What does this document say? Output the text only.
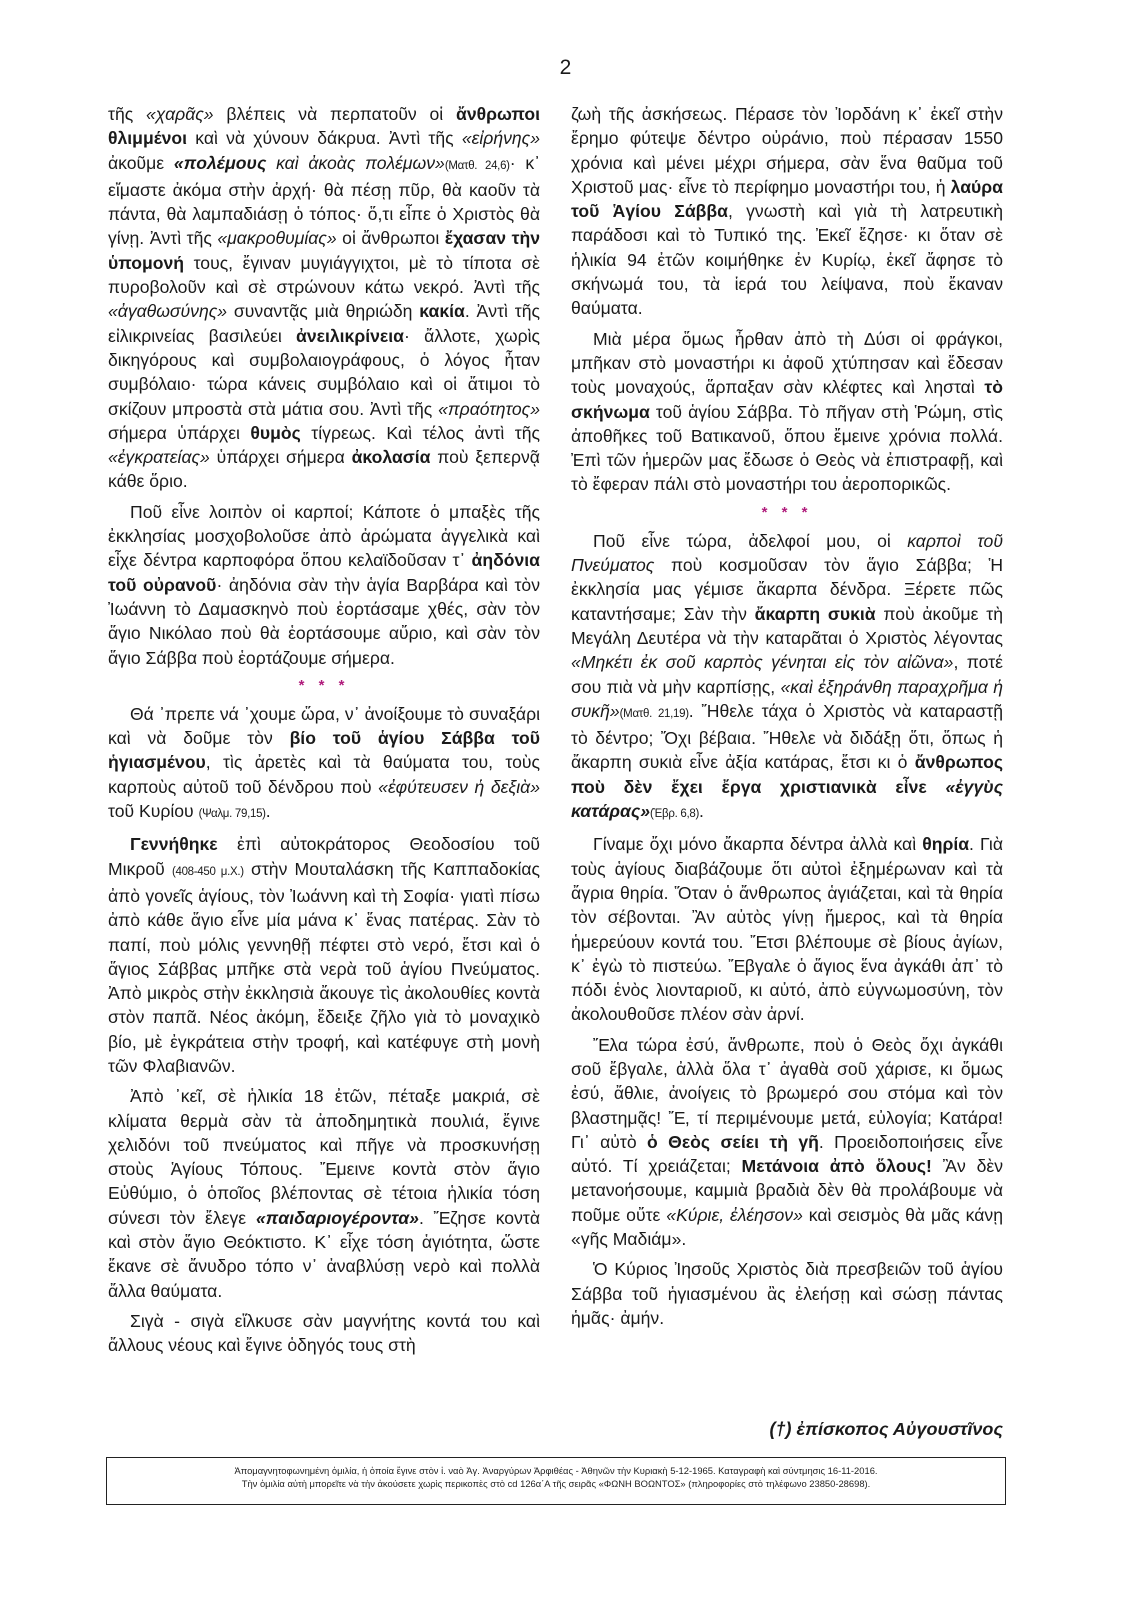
2

τῆς «χαρᾶς» βλέπεις νὰ περπατοῦν οἱ ἄνθρωποι θλιμμένοι καὶ νὰ χύνουν δάκρυα. Ἀντὶ τῆς «εἰρήνης» ἀκοῦμε «πολέμους καὶ ἀκοὰς πολέμων»(Ματθ. 24,6)· κ᾽ εἴμαστε ἀκόμα στὴν ἀρχή· θὰ πέσῃ πῦρ, θὰ καοῦν τὰ πάντα, θὰ λαμπαδιάσῃ ὁ τόπος· ὅ,τι εἶπε ὁ Χριστὸς θὰ γίνῃ. Ἀντὶ τῆς «μακροθυμίας» οἱ ἄνθρωποι ἔχασαν τὴν ὑπομονή τους, ἔγιναν μυγιάγγιχτοι, μὲ τὸ τίποτα σὲ πυροβολοῦν καὶ σὲ στρώνουν κάτω νεκρό. Ἀντὶ τῆς «ἀγαθωσύνης» συναντᾷς μιὰ θηριώδη κακία. Ἀντὶ τῆς εἰλικρινείας βασιλεύει ἀνειλικρίνεια· ἄλλοτε, χωρὶς δικηγόρους καὶ συμβολαιογράφους, ὁ λόγος ἦταν συμβόλαιο· τώρα κάνεις συμβόλαιο καὶ οἱ ἄτιμοι τὸ σκίζουν μπροστὰ στὰ μάτια σου. Ἀντὶ τῆς «πραότητος» σήμερα ὑπάρχει θυμὸς τίγρεως. Καὶ τέλος ἀντὶ τῆς «ἐγκρατείας» ὑπάρχει σήμερα ἀκολασία ποὺ ξεπερνᾷ κάθε ὅριο.

Ποῦ εἶνε λοιπὸν οἱ καρποί; Κάποτε ὁ μπαξὲς τῆς ἐκκλησίας μοσχοβολοῦσε ἀπὸ ἀρώματα ἀγγελικὰ καὶ εἶχε δέντρα καρποφόρα ὅπου κελαϊδοῦσαν τ᾽ ἀηδόνια τοῦ οὐρανοῦ· ἀηδόνια σὰν τὴν ἁγία Βαρβάρα καὶ τὸν Ἰωάννη τὸ Δαμασκηνὸ ποὺ ἑορτάσαμε χθές, σὰν τὸν ἅγιο Νικόλαο ποὺ θὰ ἑορτάσουμε αὔριο, καὶ σὰν τὸν ἅγιο Σάββα ποὺ ἑορτάζουμε σήμερα.

* * *

Θά ᾽πρεπε νά ᾽χουμε ὥρα, ν᾽ ἀνοίξουμε τὸ συναξάρι καὶ νὰ δοῦμε τὸν βίο τοῦ ἁγίου Σάββα τοῦ ἡγιασμένου, τὶς ἀρετὲς καὶ τὰ θαύματα του, τοὺς καρποὺς αὐτοῦ τοῦ δένδρου ποὺ «ἐφύτευσεν ἡ δεξιὰ» τοῦ Κυρίου (Ψαλμ. 79,15).

Γεννήθηκε ἐπὶ αὐτοκράτορος Θεοδοσίου τοῦ Μικροῦ (408-450 μ.Χ.) στὴν Μουταλάσκη τῆς Καππαδοκίας ἀπὸ γονεῖς ἁγίους, τὸν Ἰωάννη καὶ τὴ Σοφία· γιατὶ πίσω ἀπὸ κάθε ἅγιο εἶνε μία μάνα κ᾽ ἕνας πατέρας. Σὰν τὸ παπί, ποὺ μόλις γεννηθῇ πέφτει στὸ νερό, ἔτσι καὶ ὁ ἅγιος Σάββας μπῆκε στὰ νερὰ τοῦ ἁγίου Πνεύματος. Ἀπὸ μικρὸς στὴν ἐκκλησιὰ ἄκουγε τὶς ἀκολουθίες κοντὰ στὸν παπᾶ. Νέος ἀκόμη, ἔδειξε ζῆλο γιὰ τὸ μοναχικὸ βίο, μὲ ἐγκράτεια στὴν τροφή, καὶ κατέφυγε στὴ μονὴ τῶν Φλαβιανῶν.

Ἀπὸ ᾽κεῖ, σὲ ἡλικία 18 ἐτῶν, πέταξε μακριά, σὲ κλίματα θερμὰ σὰν τὰ ἀποδημητικὰ πουλιά, ἔγινε χελιδόνι τοῦ πνεύματος καὶ πῆγε νὰ προσκυνήσῃ στοὺς Ἁγίους Τόπους. Ἔμεινε κοντὰ στὸν ἅγιο Εὐθύμιο, ὁ ὁποῖος βλέποντας σὲ τέτοια ἡλικία τόση σύνεσι τὸν ἔλεγε «παιδαριογέροντα». Ἔζησε κοντὰ καὶ στὸν ἅγιο Θεόκτιστο. Κ᾽ εἶχε τόση ἁγιότητα, ὥστε ἔκανε σὲ ἄνυδρο τόπο ν᾽ ἀναβλύσῃ νερὸ καὶ πολλὰ ἄλλα θαύματα.

Σιγὰ - σιγὰ εἵλκυσε σὰν μαγνήτης κοντά του καὶ ἄλλους νέους καὶ ἔγινε ὁδηγός τους στὴ

ζωὴ τῆς ἀσκήσεως. Πέρασε τὸν Ἰορδάνη κ᾽ ἐκεῖ στὴν ἔρημο φύτεψε δέντρο οὐράνιο, ποὺ πέρασαν 1550 χρόνια καὶ μένει μέχρι σήμερα, σὰν ἕνα θαῦμα τοῦ Χριστοῦ μας· εἶνε τὸ περίφημο μοναστήρι του, ἡ λαύρα τοῦ Ἁγίου Σάββα, γνωστὴ καὶ γιὰ τὴ λατρευτικὴ παράδοσι καὶ τὸ Τυπικό της. Ἐκεῖ ἔζησε· κι ὅταν σὲ ἡλικία 94 ἐτῶν κοιμήθηκε ἐν Κυρίῳ, ἐκεῖ ἄφησε τὸ σκήνωμά του, τὰ ἱερά του λείψανα, ποὺ ἔκαναν θαύματα.

Μιὰ μέρα ὅμως ἦρθαν ἀπὸ τὴ Δύσι οἱ φράγκοι, μπῆκαν στὸ μοναστήρι κι ἀφοῦ χτύπησαν καὶ ἔδεσαν τοὺς μοναχούς, ἅρπαξαν σὰν κλέφτες καὶ λησταὶ τὸ σκήνωμα τοῦ ἁγίου Σάββα. Τὸ πῆγαν στὴ Ῥώμη, στὶς ἀποθῆκες τοῦ Βατικανοῦ, ὅπου ἔμεινε χρόνια πολλά. Ἐπὶ τῶν ἡμερῶν μας ἔδωσε ὁ Θεὸς νὰ ἐπιστραφῇ, καὶ τὸ ἔφεραν πάλι στὸ μοναστήρι του ἀεροπορικῶς.

* * *

Ποῦ εἶνε τώρα, ἀδελφοί μου, οἱ καρποὶ τοῦ Πνεύματος ποὺ κοσμοῦσαν τὸν ἅγιο Σάββα; Ἡ ἐκκλησία μας γέμισε ἄκαρπα δένδρα. Ξέρετε πῶς καταντήσαμε; Σὰν τὴν ἄκαρπη συκιὰ ποὺ ἀκοῦμε τὴ Μεγάλη Δευτέρα νὰ τὴν καταρᾶται ὁ Χριστὸς λέγοντας «Μηκέτι ἐκ σοῦ καρπὸς γένηται εἰς τὸν αἰῶνα», ποτέ σου πιὰ νὰ μὴν καρπίσῃς, «καὶ ἐξηράνθη παραχρῆμα ἡ συκῆ»(Ματθ. 21,19). Ἤθελε τάχα ὁ Χριστὸς νὰ καταραστῇ τὸ δέντρο; Ὄχι βέβαια. Ἤθελε νὰ διδάξῃ ὅτι, ὅπως ἡ ἄκαρπη συκιὰ εἶνε ἀξία κατάρας, ἔτσι κι ὁ ἄνθρωπος ποὺ δὲν ἔχει ἔργα χριστιανικὰ εἶνε «ἐγγὺς κατάρας»(Ἑβρ. 6,8).

Γίναμε ὄχι μόνο ἄκαρπα δέντρα ἀλλὰ καὶ θηρία. Γιὰ τοὺς ἁγίους διαβάζουμε ὅτι αὐτοὶ ἐξημέρωναν καὶ τὰ ἄγρια θηρία. Ὅταν ὁ ἄνθρωπος ἁγιάζεται, καὶ τὰ θηρία τὸν σέβονται. Ἂν αὐτὸς γίνῃ ἥμερος, καὶ τὰ θηρία ἡμερεύουν κοντά του. Ἔτσι βλέπουμε σὲ βίους ἁγίων, κ᾽ ἐγὼ τὸ πιστεύω. Ἔβγαλε ὁ ἅγιος ἕνα ἀγκάθι ἀπ᾽ τὸ πόδι ἑνὸς λιονταριοῦ, κι αὐτό, ἀπὸ εὐγνωμοσύνη, τὸν ἀκολουθοῦσε πλέον σὰν ἀρνί.

Ἔλα τώρα ἐσύ, ἄνθρωπε, ποὺ ὁ Θεὸς ὄχι ἀγκάθι σοῦ ἔβγαλε, ἀλλὰ ὅλα τ᾽ ἀγαθὰ σοῦ χάρισε, κι ὅμως ἐσύ, ἄθλιε, ἀνοίγεις τὸ βρωμερό σου στόμα καὶ τὸν βλαστημᾷς! Ἔ, τί περιμένουμε μετά, εὐλογία; Κατάρα! Γι᾽ αὐτὸ ὁ Θεὸς σείει τὴ γῆ. Προειδοποιήσεις εἶνε αὐτό. Τί χρειάζεται; Μετάνοια ἀπὸ ὅλους! Ἂν δὲν μετανοήσουμε, καμμιὰ βραδιὰ δὲν θὰ προλάβουμε νὰ ποῦμε οὔτε «Κύριε, ἐλέησον» καὶ σεισμὸς θὰ μᾶς κάνῃ «γῆς Μαδιάμ».

Ὁ Κύριος Ἰησοῦς Χριστὸς διὰ πρεσβειῶν τοῦ ἁγίου Σάββα τοῦ ἡγιασμένου ἂς ἐλεήσῃ καὶ σώσῃ πάντας ἡμᾶς· ἀμήν.

(†) ἐπίσκοπος Αὐγουστῖνος
Ἀπομαγνητοφωνημένη ὁμιλία, ἡ ὁποία ἔγινε στὸν ἱ. ναὸ Ἁγ. Ἀναργύρων Ἀρφιθέας - Ἀθηνῶν τὴν Κυριακὴ 5-12-1965. Καταγραφὴ καὶ σύντμησις 16-11-2016.
Τὴν ὁμιλία αὐτὴ μπορεῖτε νὰ τὴν ἀκούσετε χωρὶς περικοπὲς στὸ cd 126α΄Α τῆς σειρᾶς «ΦΩΝΗ ΒΟΩΝΤΟΣ» (πληροφορίες στὸ τηλέφωνο 23850-28698).
